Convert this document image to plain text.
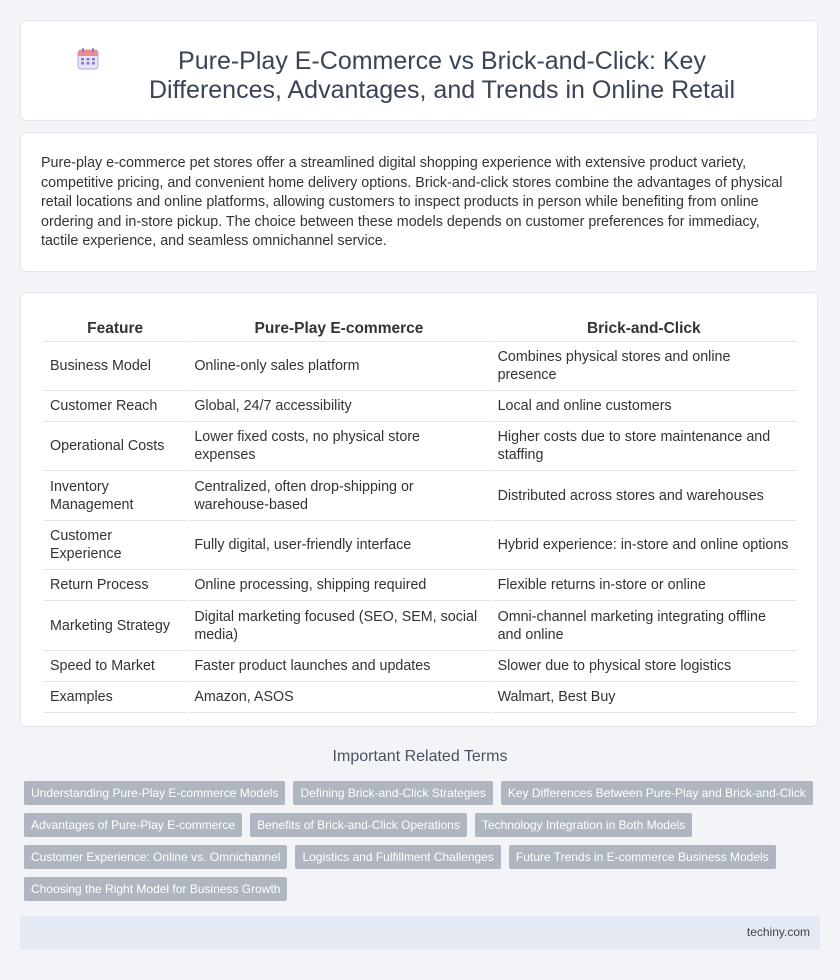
Pure-Play E-Commerce vs Brick-and-Click: Key Differences, Advantages, and Trends in Online Retail

Pure-play e-commerce pet stores offer a streamlined digital shopping experience with extensive product variety, competitive pricing, and convenient home delivery options. Brick-and-click stores combine the advantages of physical retail locations and online platforms, allowing customers to inspect products in person while benefiting from online ordering and in-store pickup. The choice between these models depends on customer preferences for immediacy, tactile experience, and seamless omnichannel service.

Feature	Pure-Play E-commerce	Brick-and-Click
Business Model	Online-only sales platform	Combines physical stores and online presence
Customer Reach	Global, 24/7 accessibility	Local and online customers
Operational Costs	Lower fixed costs, no physical store expenses	Higher costs due to store maintenance and staffing
Inventory Management	Centralized, often drop-shipping or warehouse-based	Distributed across stores and warehouses
Customer Experience	Fully digital, user-friendly interface	Hybrid experience: in-store and online options
Return Process	Online processing, shipping required	Flexible returns in-store or online
Marketing Strategy	Digital marketing focused (SEO, SEM, social media)	Omni-channel marketing integrating offline and online
Speed to Market	Faster product launches and updates	Slower due to physical store logistics
Examples	Amazon, ASOS	Walmart, Best Buy
Important Related Terms
Understanding Pure-Play E-commerce Models	Defining Brick-and-Click Strategies	Key Differences Between Pure-Play and Brick-and-Click
Advantages of Pure-Play E-commerce	Benefits of Brick-and-Click Operations	Technology Integration in Both Models
Customer Experience: Online vs. Omnichannel	Logistics and Fulfillment Challenges	Future Trends in E-commerce Business Models
Choosing the Right Model for Business Growth
techiny.com
